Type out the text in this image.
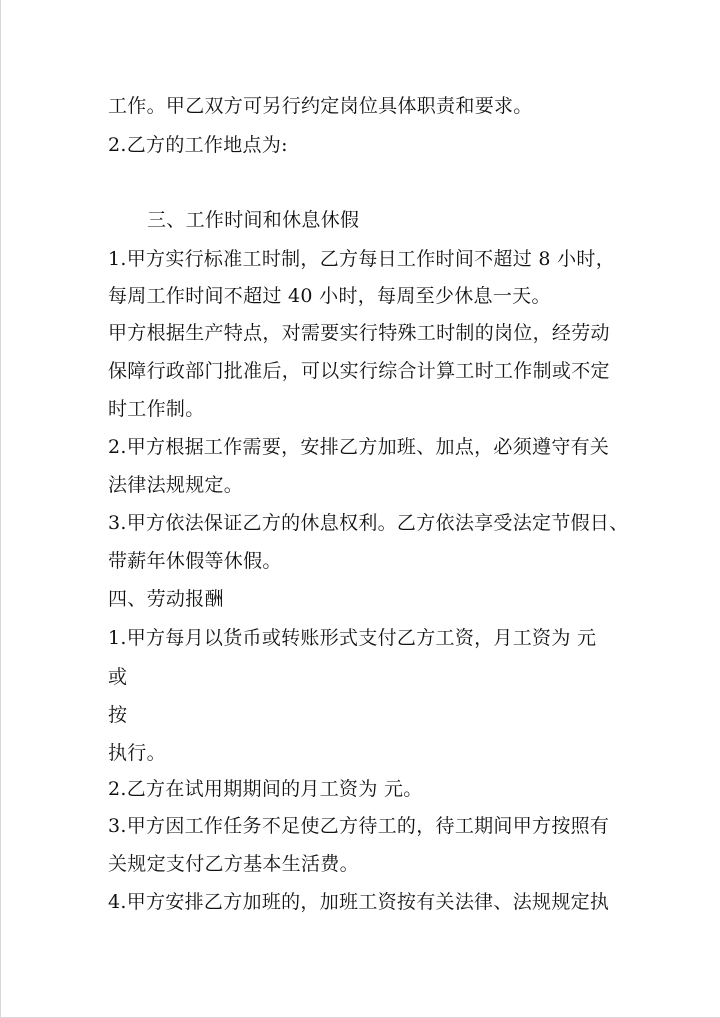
工作。甲乙双方可另行约定岗位具体职责和要求。
2.乙方的工作地点为:
三、工作时间和休息休假
1.甲方实行标准工时制，乙方每日工作时间不超过 8 小时，
每周工作时间不超过 40 小时，每周至少休息一天。
甲方根据生产特点，对需要实行特殊工时制的岗位，经劳动
保障行政部门批准后，可以实行综合计算工时工作制或不定
时工作制。
2.甲方根据工作需要，安排乙方加班、加点，必须遵守有关
法律法规规定。
3.甲方依法保证乙方的休息权利。乙方依法享受法定节假日、
带薪年休假等休假。
四、劳动报酬
1.甲方每月以货币或转账形式支付乙方工资，月工资为 元
或
按
执行。
2.乙方在试用期期间的月工资为 元。
3.甲方因工作任务不足使乙方待工的，待工期间甲方按照有
关规定支付乙方基本生活费。
4.甲方安排乙方加班的，加班工资按有关法律、法规规定执
